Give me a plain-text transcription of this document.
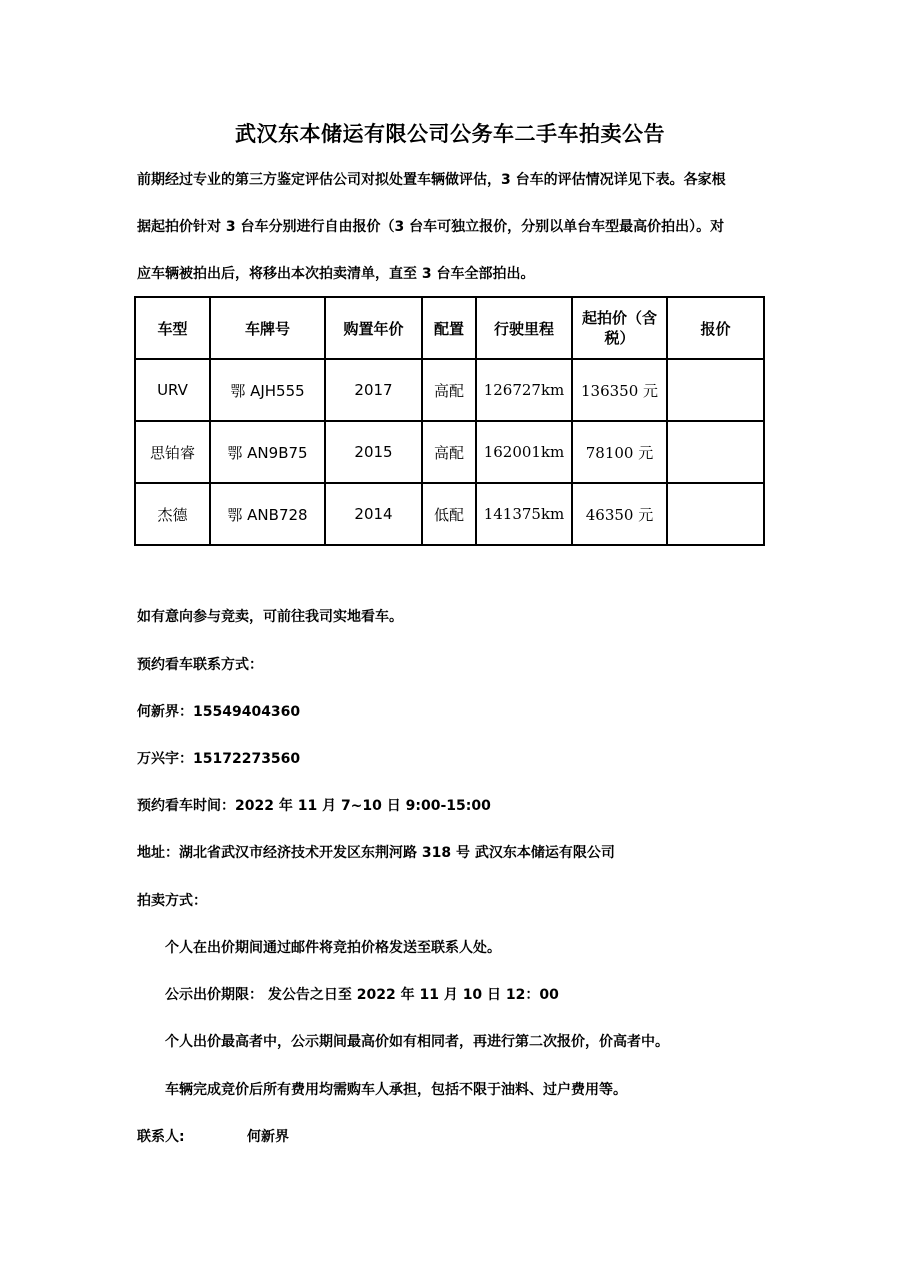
武汉东本储运有限公司公务车二手车拍卖公告
前期经过专业的第三方鉴定评估公司对拟处置车辆做评估，3 台车的评估情况详见下表。各家根
据起拍价针对 3 台车分别进行自由报价（3 台车可独立报价，分别以单台车型最高价拍出）。对
应车辆被拍出后，将移出本次拍卖清单，直至 3 台车全部拍出。
车型	车牌号	购置年价	配置	行驶里程	起拍价（含税）	报价
URV	鄂 AJH555	2017	高配	126727km	136350 元	
思铂睿	鄂 AN9B75	2015	高配	162001km	78100 元	
杰德	鄂 ANB728	2014	低配	141375km	46350 元	
如有意向参与竞卖，可前往我司实地看车。
预约看车联系方式：
何新界：15549404360
万兴宇：15172273560
预约看车时间：2022 年 11 月 7~10 日 9:00-15:00
地址：湖北省武汉市经济技术开发区东荆河路 318 号 武汉东本储运有限公司
拍卖方式：
个人在出价期间通过邮件将竞拍价格发送至联系人处。
公示出价期限： 发公告之日至 2022 年 11 月 10 日 12：00
个人出价最高者中，公示期间最高价如有相同者，再进行第二次报价，价高者中。
车辆完成竞价后所有费用均需购车人承担，包括不限于油料、过户费用等。
联系人:	何新界
